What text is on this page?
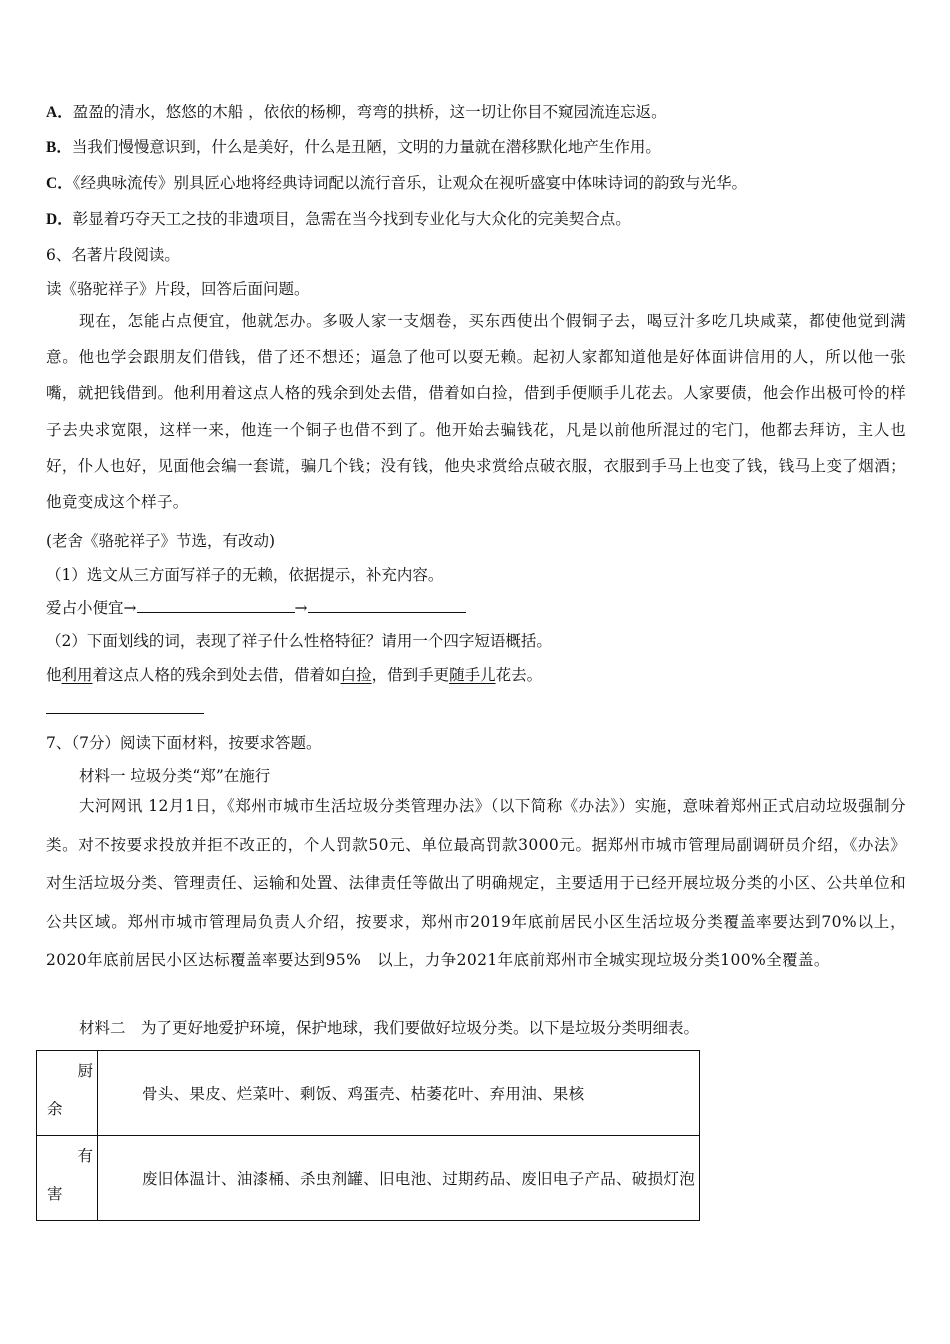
A．盈盈的清水，悠悠的木船 ，依依的杨柳，弯弯的拱桥，这一切让你目不窥园流连忘返。
B．当我们慢慢意识到，什么是美好，什么是丑陋，文明的力量就在潜移默化地产生作用。
C．《经典咏流传》别具匠心地将经典诗词配以流行音乐，让观众在视听盛宴中体味诗词的韵致与光华。
D．彰显着巧夺天工之技的非遗项目，急需在当今找到专业化与大众化的完美契合点。
6、名著片段阅读。
读《骆驼祥子》片段，回答后面问题。
现在，怎能占点便宜，他就怎办。多吸人家一支烟卷，买东西使出个假铜子去，喝豆汁多吃几块咸菜，都使他觉到满意。他也学会跟朋友们借钱，借了还不想还；逼急了他可以耍无赖。起初人家都知道他是好体面讲信用的人，所以他一张嘴，就把钱借到。他利用着这点人格的残余到处去借，借着如白捡，借到手便顺手儿花去。人家要债，他会作出极可怜的样子去央求宽限，这样一来，他连一个铜子也借不到了。他开始去骗钱花，凡是以前他所混过的宅门，他都去拜访，主人也好，仆人也好，见面他会编一套谎，骗几个钱；没有钱，他央求赏给点破衣服，衣服到手马上也变了钱，钱马上变了烟酒；他竟变成这个样子。
(老舍《骆驼祥子》节选，有改动)
（1）选文从三方面写祥子的无赖，依据提示，补充内容。
爱占小便宜→	→
（2）下面划线的词，表现了祥子什么性格特征？请用一个四字短语概括。
他利用着这点人格的残余到处去借，借着如白捡，借到手更随手儿花去。
7、（7分）阅读下面材料，按要求答题。
材料一 垃圾分类“郑”在施行
大河网讯 12月1日，《郑州市城市生活垃圾分类管理办法》（以下简称《办法》）实施，意味着郑州正式启动垃圾强制分类。对不按要求投放并拒不改正的，个人罚款50元、单位最高罚款3000元。据郑州市城市管理局副调研员介绍，《办法》对生活垃圾分类、管理责任、运输和处置、法律责任等做出了明确规定，主要适用于已经开展垃圾分类的小区、公共单位和公共区域。郑州市城市管理局负责人介绍，按要求，郑州市2019年底前居民小区生活垃圾分类覆盖率要达到70%以上，2020年底前居民小区达标覆盖率要达到95%　以上，力争2021年底前郑州市全城实现垃圾分类100%全覆盖。
材料二　为了更好地爱护环境，保护地球，我们要做好垃圾分类。以下是垃圾分类明细表。
厨
余	骨头、果皮、烂菜叶、剩饭、鸡蛋壳、枯萎花叶、弃用油、果核

有
害	废旧体温计、油漆桶、杀虫剂罐、旧电池、过期药品、废旧电子产品、破损灯泡
